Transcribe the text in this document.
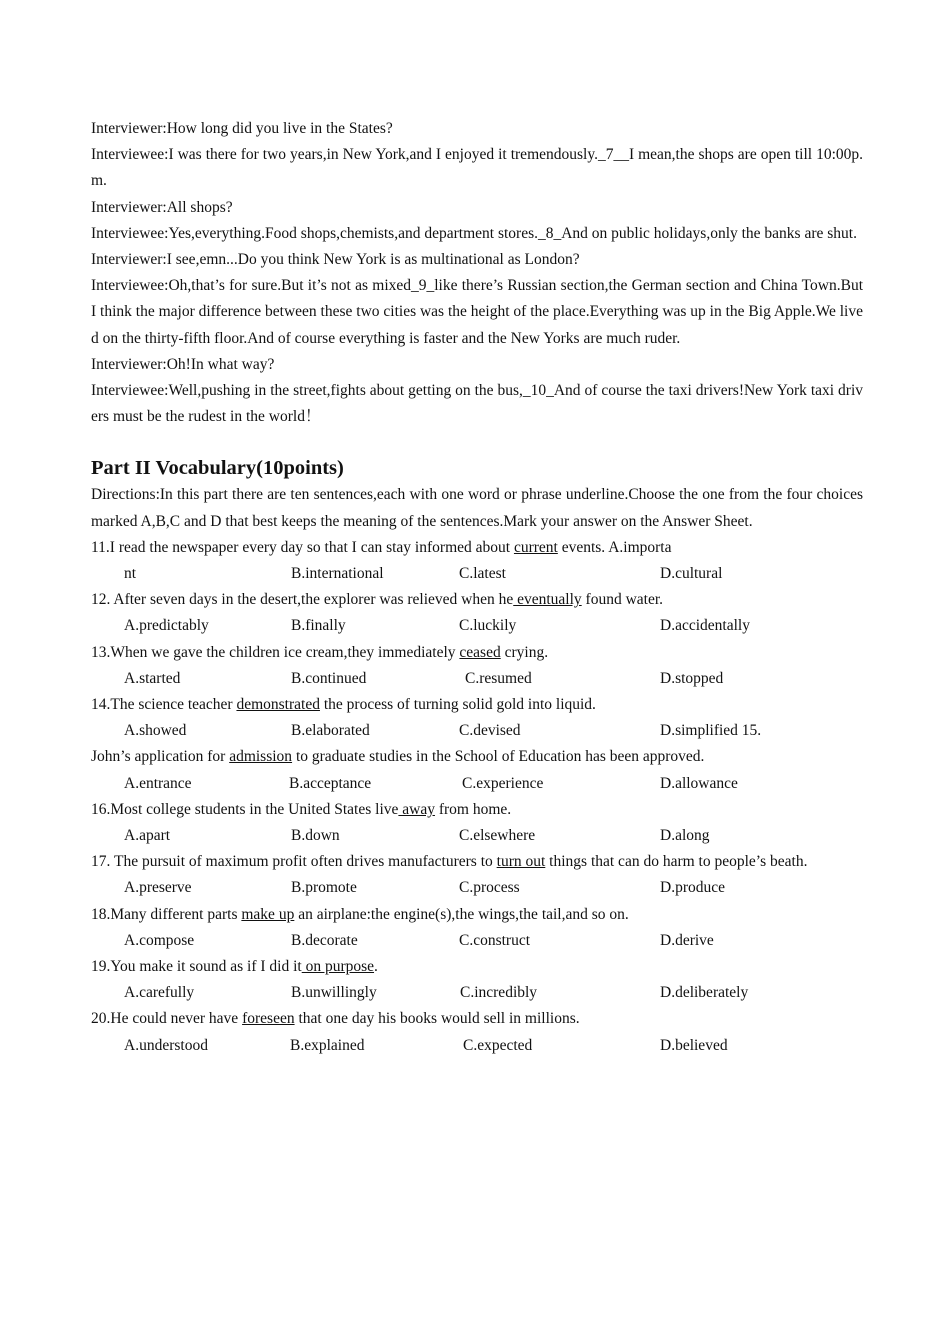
Interviewer:How long did you live in the States?

Interviewee:I was there for two years,in New York,and I enjoyed it tremendously._7__I mean,the shops are open till 10:00p.m.

Interviewer:All shops?

Interviewee:Yes,everything.Food shops,chemists,and department stores._8_And on public holidays,only the banks are shut.

Interviewer:I see,emn...Do you think New York is as multinational as London?

Interviewee:Oh,that’s for sure.But it’s not as mixed_9_like there’s Russian section,the German section and China Town.But I think the major difference between these two cities was the height of the place.Everything was up in the Big Apple.We lived on the thirty-fifth floor.And of course everything is faster and the New Yorks are much ruder.

Interviewer:Oh!In what way?

Interviewee:Well,pushing in the street,fights about getting on the bus,_10_And of course the taxi drivers!New York taxi drivers must be the rudest in the world！

Part II Vocabulary(10points)

Directions:In this part there are ten sentences,each with one word or phrase underline.Choose the one from the four choices marked A,B,C and D that best keeps the meaning of the sentences.Mark your answer on the Answer Sheet.

11.I read the newspaper every day so that I can stay informed about current events. A.importa
nt	B.international	C.latest	D.cultural
12. After seven days in the desert,the explorer was relieved when he eventually found water.
A.predictably	B.finally	C.luckily	D.accidentally
13.When we gave the children ice cream,they immediately ceased crying.
A.started	B.continued	C.resumed	D.stopped
14.The science teacher demonstrated the process of turning solid gold into liquid.
A.showed	B.elaborated	C.devised	D.simplified 15.
John’s application for admission to graduate studies in the School of Education has been approved.
A.entrance	B.acceptance	C.experience	D.allowance
16.Most college students in the United States live away from home.
A.apart	B.down	C.elsewhere	D.along
17. The pursuit of maximum profit often drives manufacturers to turn out things that can do harm to people’s beath.
A.preserve	B.promote	C.process	D.produce
18.Many different parts make up an airplane:the engine(s),the wings,the tail,and so on.
A.compose	B.decorate	C.construct	D.derive
19.You make it sound as if I did it on purpose.
A.carefully	B.unwillingly	C.incredibly	D.deliberately
20.He could never have foreseen that one day his books would sell in millions.
A.understood	B.explained	C.expected	D.believed
